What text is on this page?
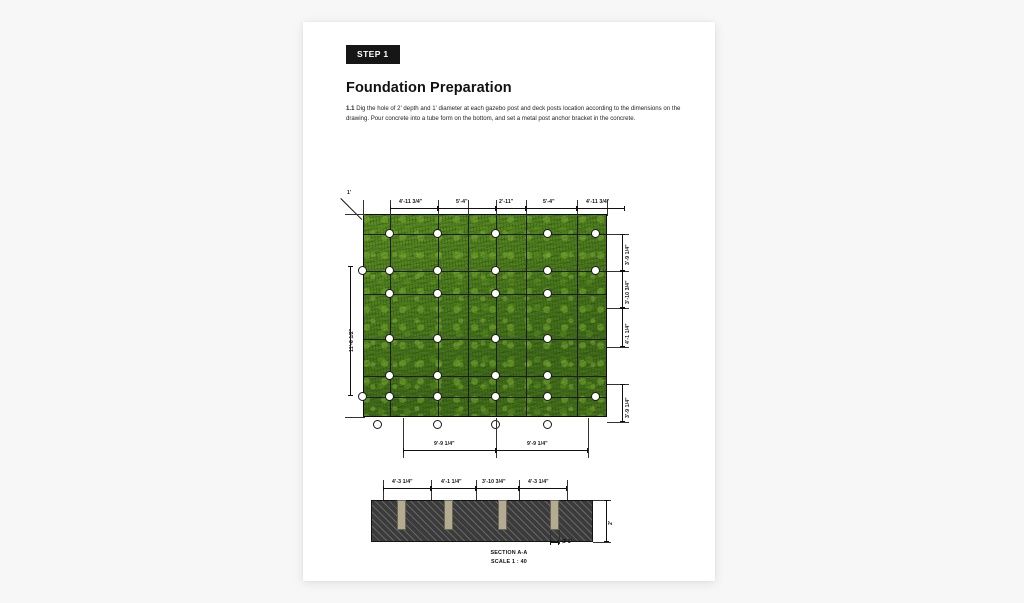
STEP 1
Foundation Preparation
1.1 Dig the hole of 2' depth and 1' diameter at each gazebo post and deck posts location according to the dimensions on the drawing. Pour concrete into a tube form on the bottom, and set a metal post anchor bracket in the concrete.
1'
4'-11 3/4"	5'-4"	2'-11"	5'-4"	4'-11 3/4"
11'-6 1/2"
3'-9 1/4"
3'-10 3/4"
4'-1 1/4"
3'-9 1/4"
9'-9 1/4"	9'-9 1/4"
4'-3 1/4"	4'-1 1/4"	3'-10 3/4"	4'-3 1/4"
2'
Ø 1'
SECTION A-A
SCALE 1 : 40
